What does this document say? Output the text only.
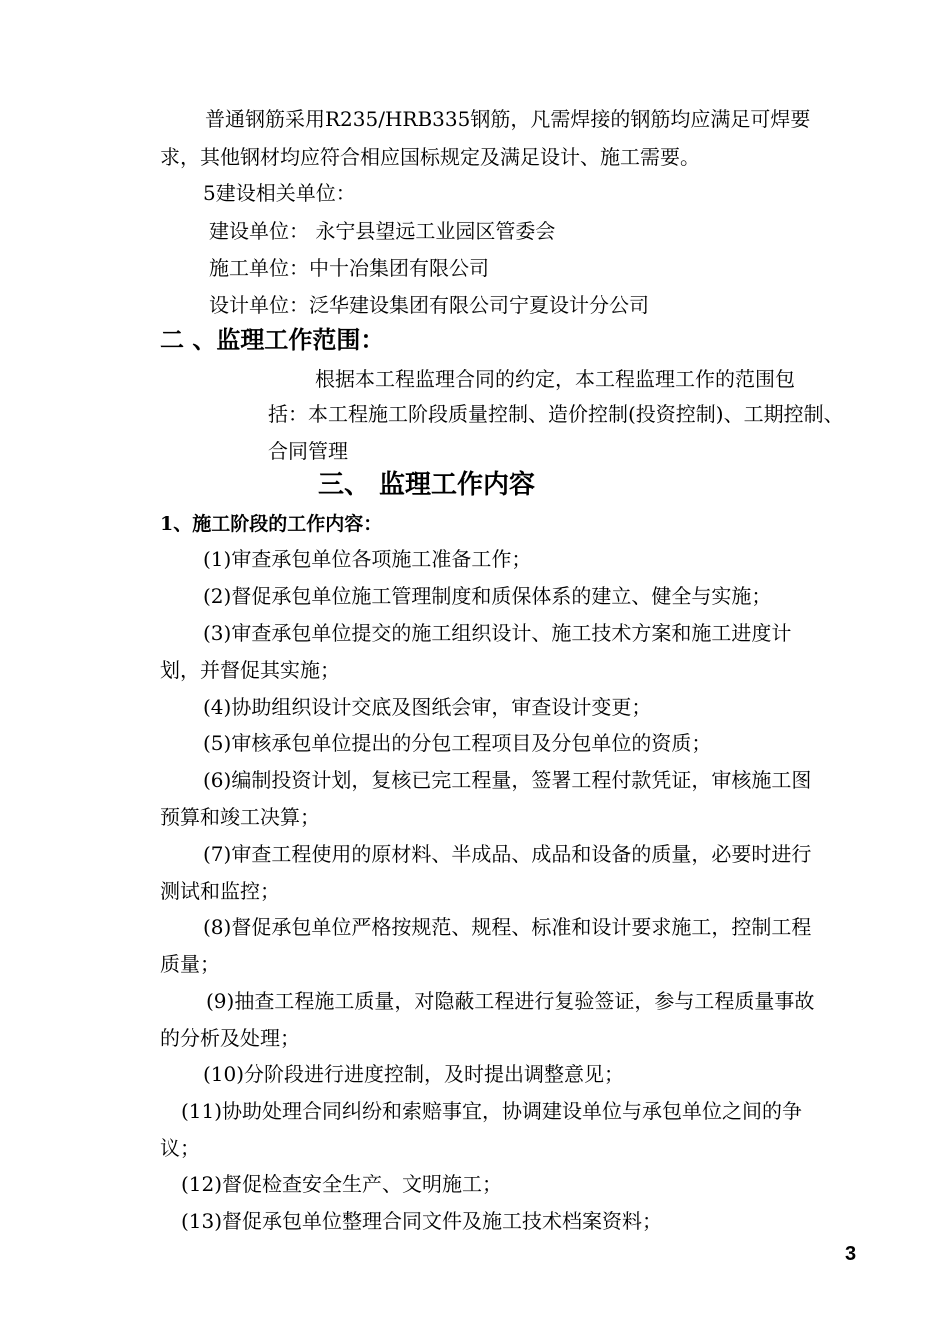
普通钢筋采用R235/HRB335钢筋，凡需焊接的钢筋均应满足可焊要
求，其他钢材均应符合相应国标规定及满足设计、施工需要。
5建设相关单位：
建设单位： 永宁县望远工业园区管委会
施工单位：中十冶集团有限公司
设计单位：泛华建设集团有限公司宁夏设计分公司
二 、监理工作范围：
根据本工程监理合同的约定，本工程监理工作的范围包
括：本工程施工阶段质量控制、造价控制(投资控制)、工期控制、
合同管理
三、 监理工作内容
1、施工阶段的工作内容：
(1)审查承包单位各项施工准备工作；
(2)督促承包单位施工管理制度和质保体系的建立、健全与实施；
(3)审查承包单位提交的施工组织设计、施工技术方案和施工进度计
划，并督促其实施；
(4)协助组织设计交底及图纸会审，审查设计变更；
(5)审核承包单位提出的分包工程项目及分包单位的资质；
(6)编制投资计划，复核已完工程量，签署工程付款凭证，审核施工图
预算和竣工决算；
(7)审查工程使用的原材料、半成品、成品和设备的质量，必要时进行
测试和监控；
(8)督促承包单位严格按规范、规程、标准和设计要求施工，控制工程
质量；
(9)抽查工程施工质量，对隐蔽工程进行复验签证，参与工程质量事故
的分析及处理；
(10)分阶段进行进度控制，及时提出调整意见；
(11)协助处理合同纠纷和索赔事宜，协调建设单位与承包单位之间的争
议；
(12)督促检查安全生产、文明施工；
(13)督促承包单位整理合同文件及施工技术档案资料；
3
